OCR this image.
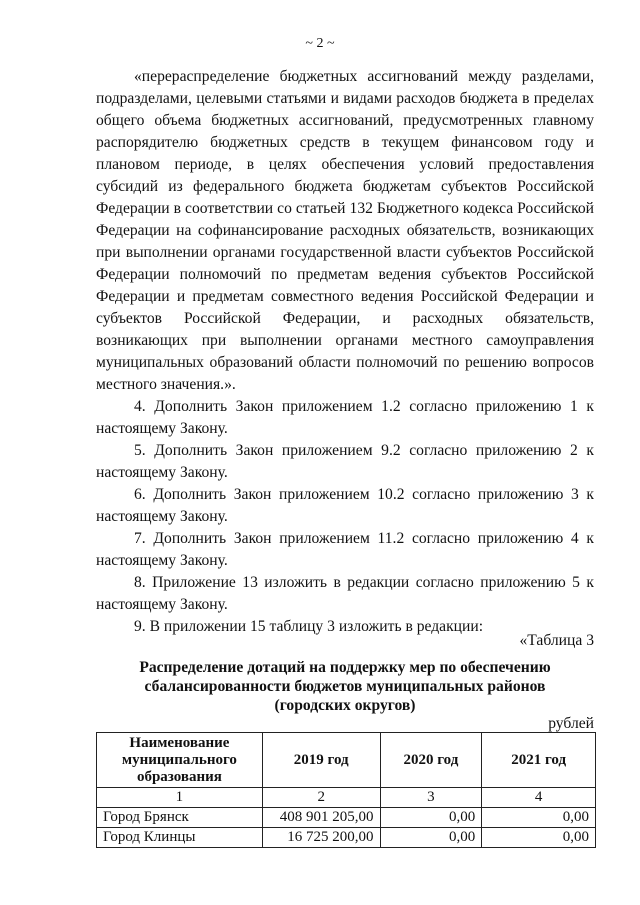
~ 2 ~

«перераспределение бюджетных ассигнований между разделами, подразделами, целевыми статьями и видами расходов бюджета в пределах общего объема бюджетных ассигнований, предусмотренных главному распорядителю бюджетных средств в текущем финансовом году и плановом периоде, в целях обеспечения условий предоставления субсидий из федерального бюджета бюджетам субъектов Российской Федерации в соответствии со статьей 132 Бюджетного кодекса Российской Федерации на софинансирование расходных обязательств, возникающих при выполнении органами государственной власти субъектов Российской Федерации полномочий по предметам ведения субъектов Российской Федерации и предметам совместного ведения Российской Федерации и субъектов Российской Федерации, и расходных обязательств, возникающих при выполнении органами местного самоуправления муниципальных образований области полномочий по решению вопросов местного значения.».

4. Дополнить Закон приложением 1.2 согласно приложению 1 к настоящему Закону.

5. Дополнить Закон приложением 9.2 согласно приложению 2 к настоящему Закону.

6. Дополнить Закон приложением 10.2 согласно приложению 3 к настоящему Закону.

7. Дополнить Закон приложением 11.2 согласно приложению 4 к настоящему Закону.

8. Приложение 13 изложить в редакции согласно приложению 5 к настоящему Закону.

9. В приложении 15 таблицу 3 изложить в редакции:

«Таблица 3
Распределение дотаций на поддержку мер по обеспечению
сбалансированности бюджетов муниципальных районов
(городских округов)
рублей
Наименование
муниципального
образования	2019 год	2020 год	2021 год
1	2	3	4
Город Брянск	408 901 205,00	0,00	0,00
Город Клинцы	16 725 200,00	0,00	0,00
